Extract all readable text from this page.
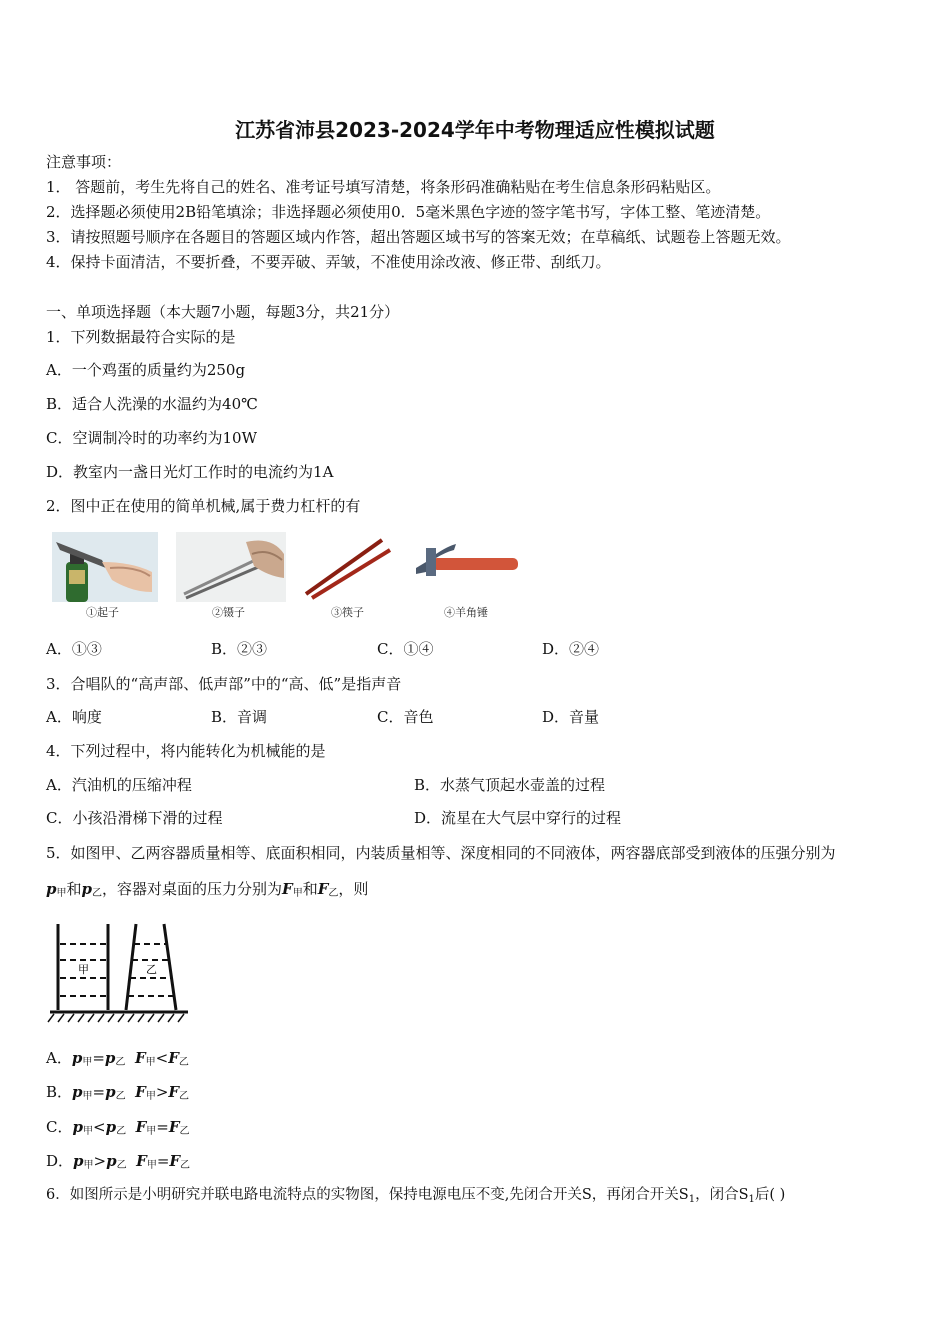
江苏省沛县2023-2024学年中考物理适应性模拟试题
注意事项：
1． 答题前，考生先将自己的姓名、准考证号填写清楚，将条形码准确粘贴在考生信息条形码粘贴区。
2．选择题必须使用2B铅笔填涂；非选择题必须使用0．5毫米黑色字迹的签字笔书写，字体工整、笔迹清楚。
3．请按照题号顺序在各题目的答题区域内作答，超出答题区域书写的答案无效；在草稿纸、试题卷上答题无效。
4．保持卡面清洁，不要折叠，不要弄破、弄皱，不准使用涂改液、修正带、刮纸刀。
一、单项选择题（本大题7小题，每题3分，共21分）
1．下列数据最符合实际的是
A．一个鸡蛋的质量约为250g
B．适合人洗澡的水温约为40℃
C．空调制冷时的功率约为10W
D．教室内一盏日光灯工作时的电流约为1A
2．图中正在使用的简单机械,属于费力杠杆的有
①起子	②镊子	③筷子	④羊角锤
A．①③	B．②③	C．①④	D．②④
3．合唱队的“高声部、低声部”中的“高、低”是指声音
A．响度	B．音调	C．音色	D．音量
4．下列过程中，将内能转化为机械能的是
A．汽油机的压缩冲程	B．水蒸气顶起水壶盖的过程
C．小孩沿滑梯下滑的过程	D．流星在大气层中穿行的过程
5．如图甲、乙两容器质量相等、底面积相同，内装质量相等、深度相同的不同液体，两容器底部受到液体的压强分别为
$p_甲$和$p_乙$，容器对桌面的压力分别为$F_甲$和$F_乙$，则
甲	乙
A．$p_甲=p_乙$ $F_甲<F_乙$
B．$p_甲=p_乙$ $F_甲>F_乙$
C．$p_甲<p_乙$ $F_甲=F_乙$
D．$p_甲>p_乙$ $F_甲=F_乙$
6．如图所示是小明研究并联电路电流特点的实物图，保持电源电压不变,先闭合开关S，再闭合开关$S_1$，闭合$S_1$后( )
